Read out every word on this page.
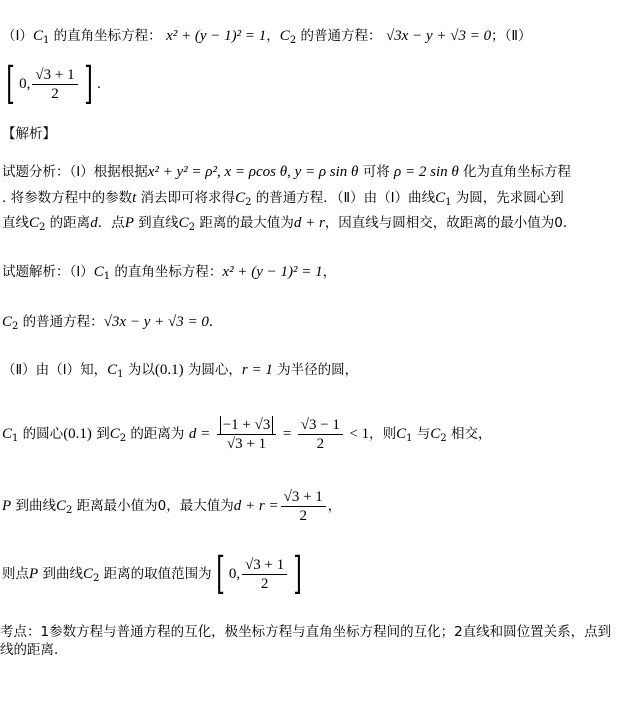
$(Ⅰ)C_1$ 的直角坐标方程： x² + (y − 1)² = 1，$C_2$ 的普通方程： √3x − y + √3 = 0；（Ⅱ）
[ 0, $\frac{√3 + 1}{2}$ ] .
【解析】
试题分析：（Ⅰ）根据根据x² + y² = ρ², x = ρcos θ, y = ρ sin θ 可将 ρ = 2 sin θ 化为直角坐标方程
. 将参数方程中的参数t 消去即可将求得$C_2$ 的普通方程．（Ⅱ）由（Ⅰ）曲线$C_1$ 为圆，先求圆心到
直线$C_2$ 的距离d．点P 到直线$C_2$ 距离的最大值为d + r，因直线与圆相交，故距离的最小值为0．
试题解析：$(Ⅰ)C_1$ 的直角坐标方程：x² + (y − 1)² = 1，
$C_2$ 的普通方程：√3x − y + √3 = 0．
（Ⅱ）由（Ⅰ）知，$C_1$ 为以(0.1) 为圆心，r = 1 为半径的圆，
$C_1$ 的圆心(0.1) 到$C_2$ 的距离为 $d = \frac{-1 + √3}{√3 + 1} = \frac{√3 - 1}{2} < 1$，则$C_1$ 与$C_2$ 相交，
P 到曲线$C_2$ 距离最小值为0，最大值为$d + r = \frac{√3 + 1}{2}$ ，
则点P 到曲线$C_2$ 距离的取值范围为[ 0, $\frac{√3 + 1}{2}$ ]
考点：1参数方程与普通方程的互化，极坐标方程与直角坐标方程间的互化；2直线和圆位置关系，点到
线的距离．
